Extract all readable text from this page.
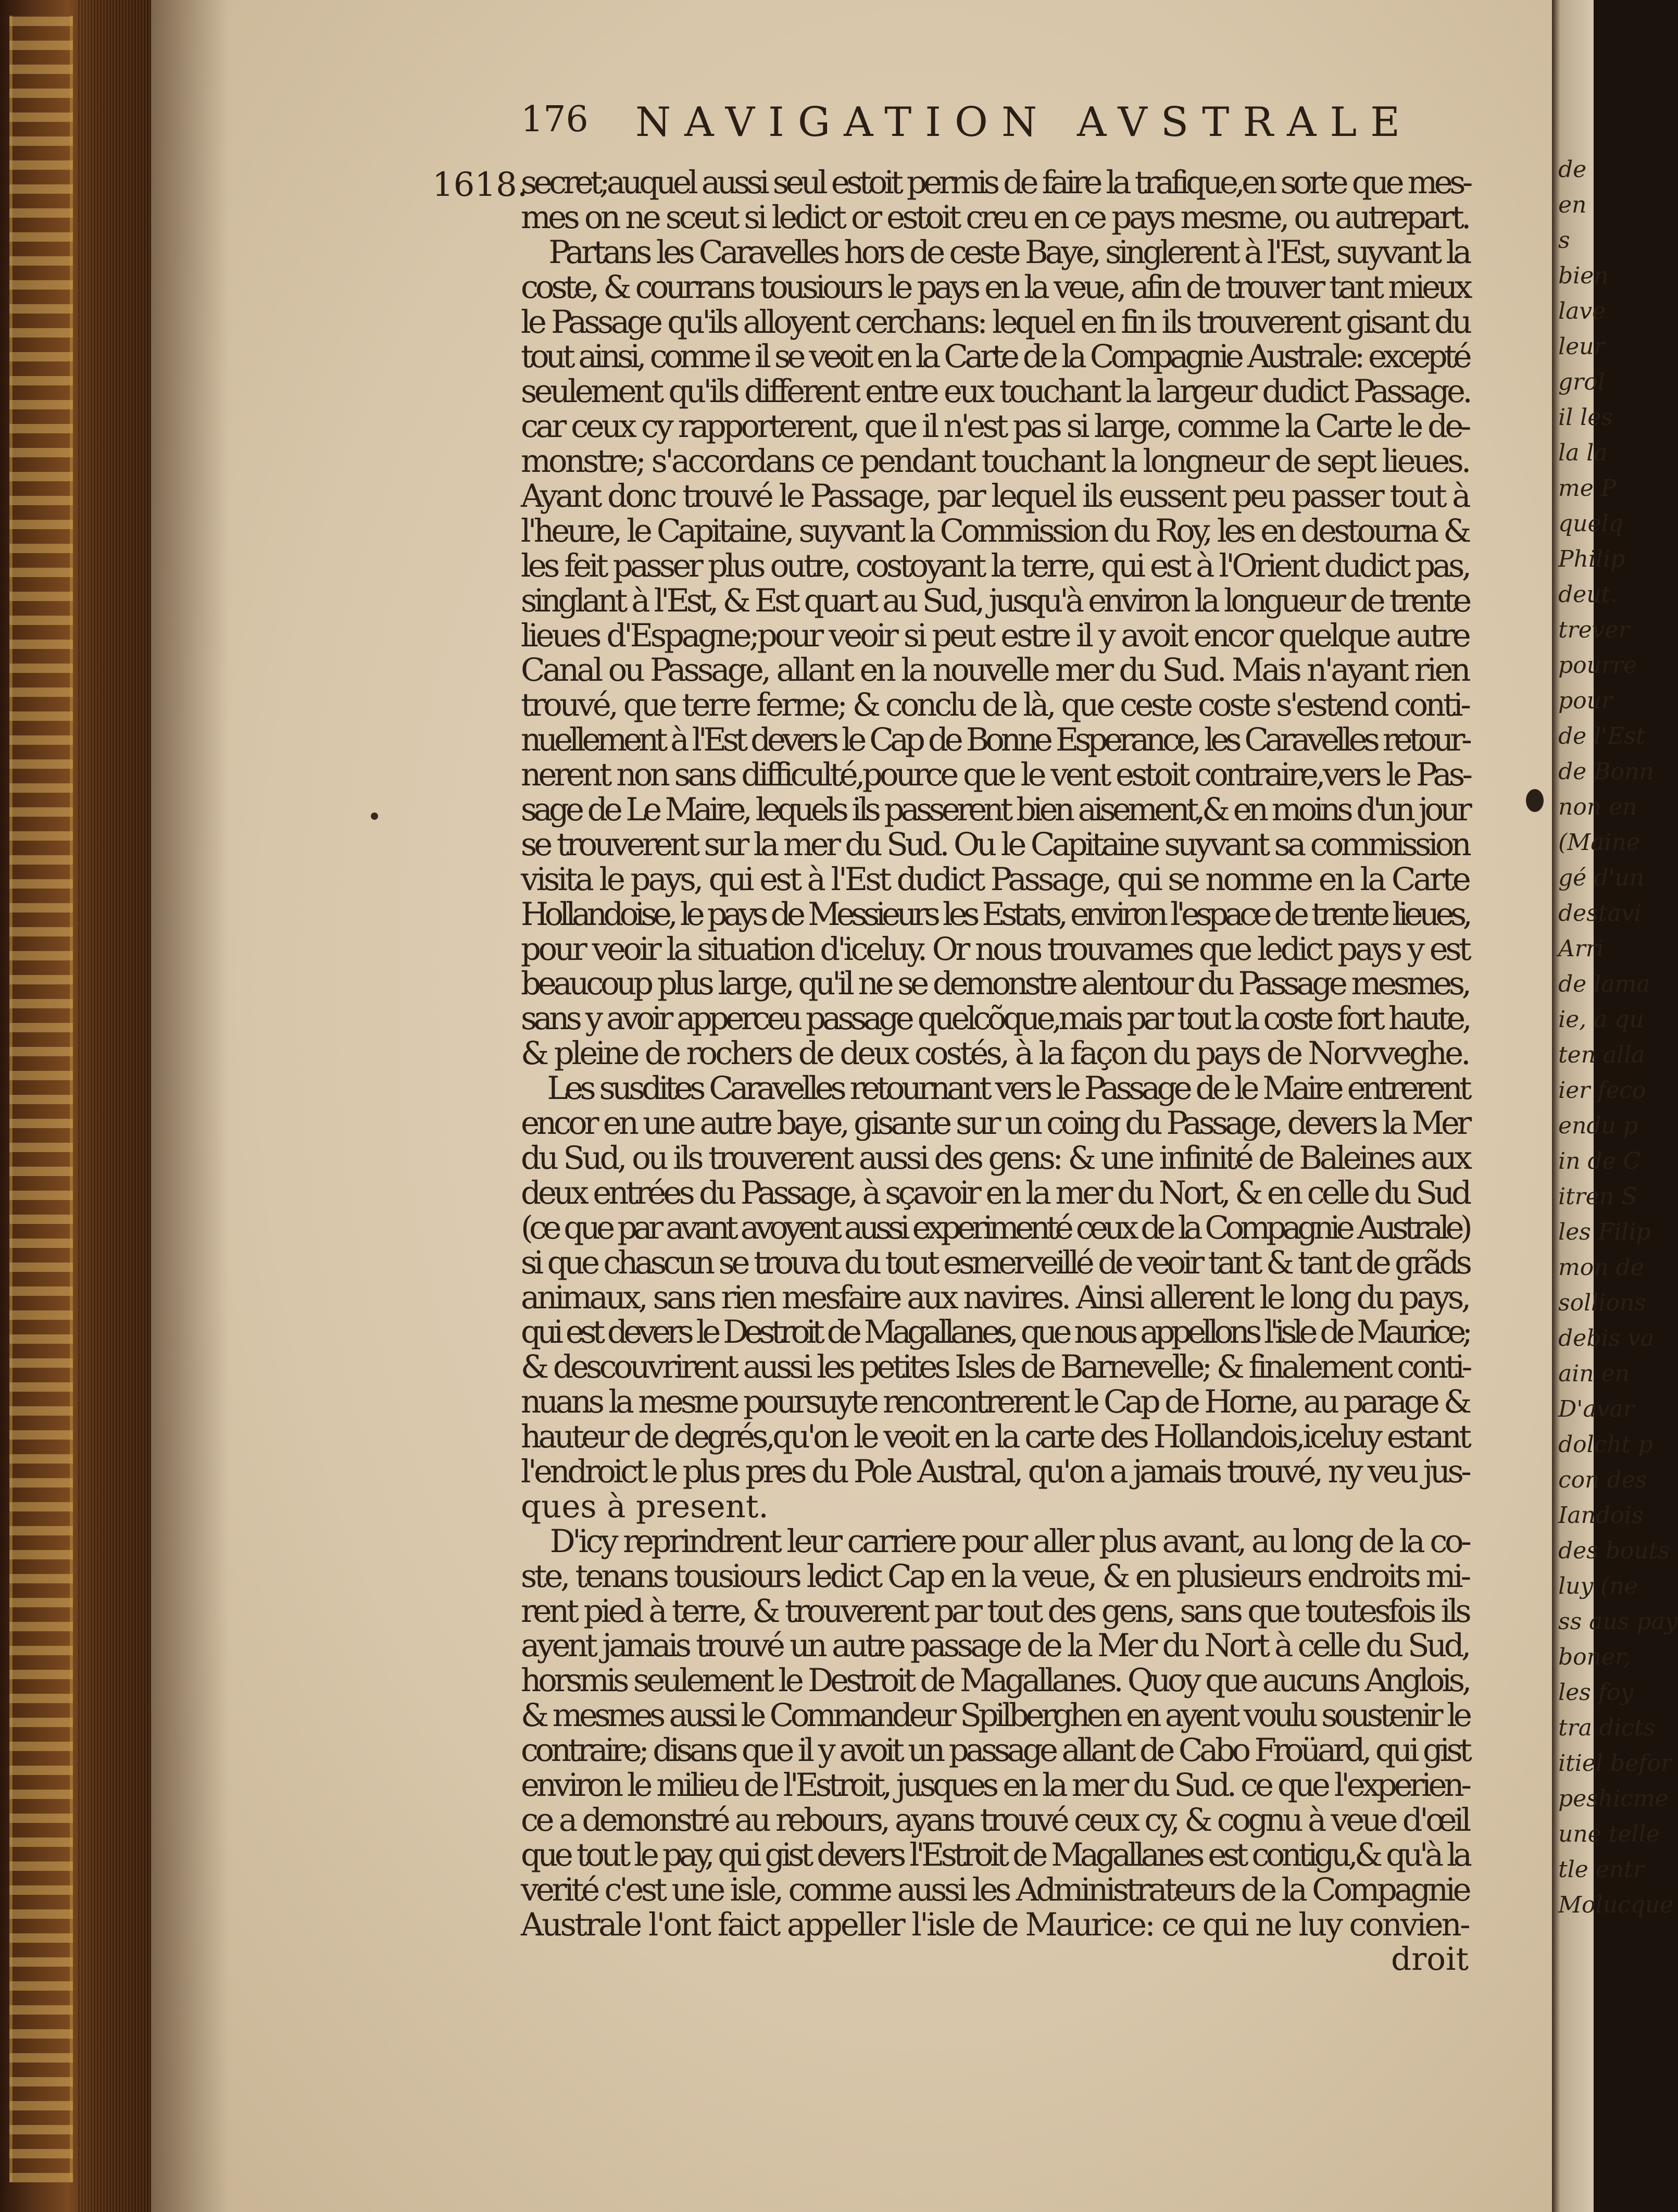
de
en
s
bien
lave
leur
grol
il les
la la
me P
quelq
Philip
deut.
trever
pourre
pour
de l'Est
de Bonn
non en
(Maine
gé d'un
destavi
Arri
de lama
ie, a qu
ten alla
ier feco
endu p
in de C
itren S
les Filip
mon de
sollions
debis va
ain en
D'avar
dolcht p
con des
Iandois
des bouts
luy (ne
ss aus pay
boner,
les foy
tra dicts
itiel befor
peshicme
une telle
tle entr
Molucque
176 NAVIGATION AVSTRALE
1618.
secret;auquel aussi seul estoit permis de faire la trafique,en sorte que mes-
mes on ne sceut si ledict or estoit creu en ce pays mesme, ou autrepart.
Partans les Caravelles hors de ceste Baye, singlerent à l'Est, suyvant la
coste, & courrans tousiours le pays en la veue, afin de trouver tant mieux
le Passage qu'ils alloyent cerchans: lequel en fin ils trouverent gisant du
tout ainsi, comme il se veoit en la Carte de la Compagnie Australe: excepté
seulement qu'ils different entre eux touchant la largeur dudict Passage.
car ceux cy rapporterent, que il n'est pas si large, comme la Carte le de-
monstre; s'accordans ce pendant touchant la longneur de sept lieues.
Ayant donc trouvé le Passage, par lequel ils eussent peu passer tout à
l'heure, le Capitaine, suyvant la Commission du Roy, les en destourna &
les feit passer plus outre, costoyant la terre, qui est à l'Orient dudict pas,
singlant à l'Est, & Est quart au Sud, jusqu'à environ la longueur de trente
lieues d'Espagne;pour veoir si peut estre il y avoit encor quelque autre
Canal ou Passage, allant en la nouvelle mer du Sud. Mais n'ayant rien
trouvé, que terre ferme; & conclu de là, que ceste coste s'estend conti-
nuellement à l'Est devers le Cap de Bonne Esperance, les Caravelles retour-
nerent non sans difficulté,pource que le vent estoit contraire,vers le Pas-
sage de Le Maire, lequels ils passerent bien aisement,& en moins d'un jour
se trouverent sur la mer du Sud. Ou le Capitaine suyvant sa commission
visita le pays, qui est à l'Est dudict Passage, qui se nomme en la Carte
Hollandoise, le pays de Messieurs les Estats, environ l'espace de trente lieues,
pour veoir la situation d'iceluy. Or nous trouvames que ledict pays y est
beaucoup plus large, qu'il ne se demonstre alentour du Passage mesmes,
sans y avoir apperceu passage quelcõque,mais par tout la coste fort haute,
& pleine de rochers de deux costés, à la façon du pays de Norvveghe.
Les susdites Caravelles retournant vers le Passage de le Maire entrerent
encor en une autre baye, gisante sur un coing du Passage, devers la Mer
du Sud, ou ils trouverent aussi des gens: & une infinité de Baleines aux
deux entrées du Passage, à sçavoir en la mer du Nort, & en celle du Sud
(ce que par avant avoyent aussi experimenté ceux de la Compagnie Australe)
si que chascun se trouva du tout esmerveillé de veoir tant & tant de grãds
animaux, sans rien mesfaire aux navires. Ainsi allerent le long du pays,
qui est devers le Destroit de Magallanes, que nous appellons l'isle de Maurice;
& descouvrirent aussi les petites Isles de Barnevelle; & finalement conti-
nuans la mesme poursuyte rencontrerent le Cap de Horne, au parage &
hauteur de degrés,qu'on le veoit en la carte des Hollandois,iceluy estant
l'endroict le plus pres du Pole Austral, qu'on a jamais trouvé, ny veu jus-
ques à present.
D'icy reprindrent leur carriere pour aller plus avant, au long de la co-
ste, tenans tousiours ledict Cap en la veue, & en plusieurs endroits mi-
rent pied à terre, & trouverent par tout des gens, sans que toutesfois ils
ayent jamais trouvé un autre passage de la Mer du Nort à celle du Sud,
horsmis seulement le Destroit de Magallanes. Quoy que aucuns Anglois,
& mesmes aussi le Commandeur Spilberghen en ayent voulu soustenir le
contraire; disans que il y avoit un passage allant de Cabo Froüard, qui gist
environ le milieu de l'Estroit, jusques en la mer du Sud. ce que l'experien-
ce a demonstré au rebours, ayans trouvé ceux cy, & cognu à veue d'œil
que tout le pay, qui gist devers l'Estroit de Magallanes est contigu,& qu'à la
verité c'est une isle, comme aussi les Administrateurs de la Compagnie
Australe l'ont faict appeller l'isle de Maurice: ce qui ne luy convien-
droit
